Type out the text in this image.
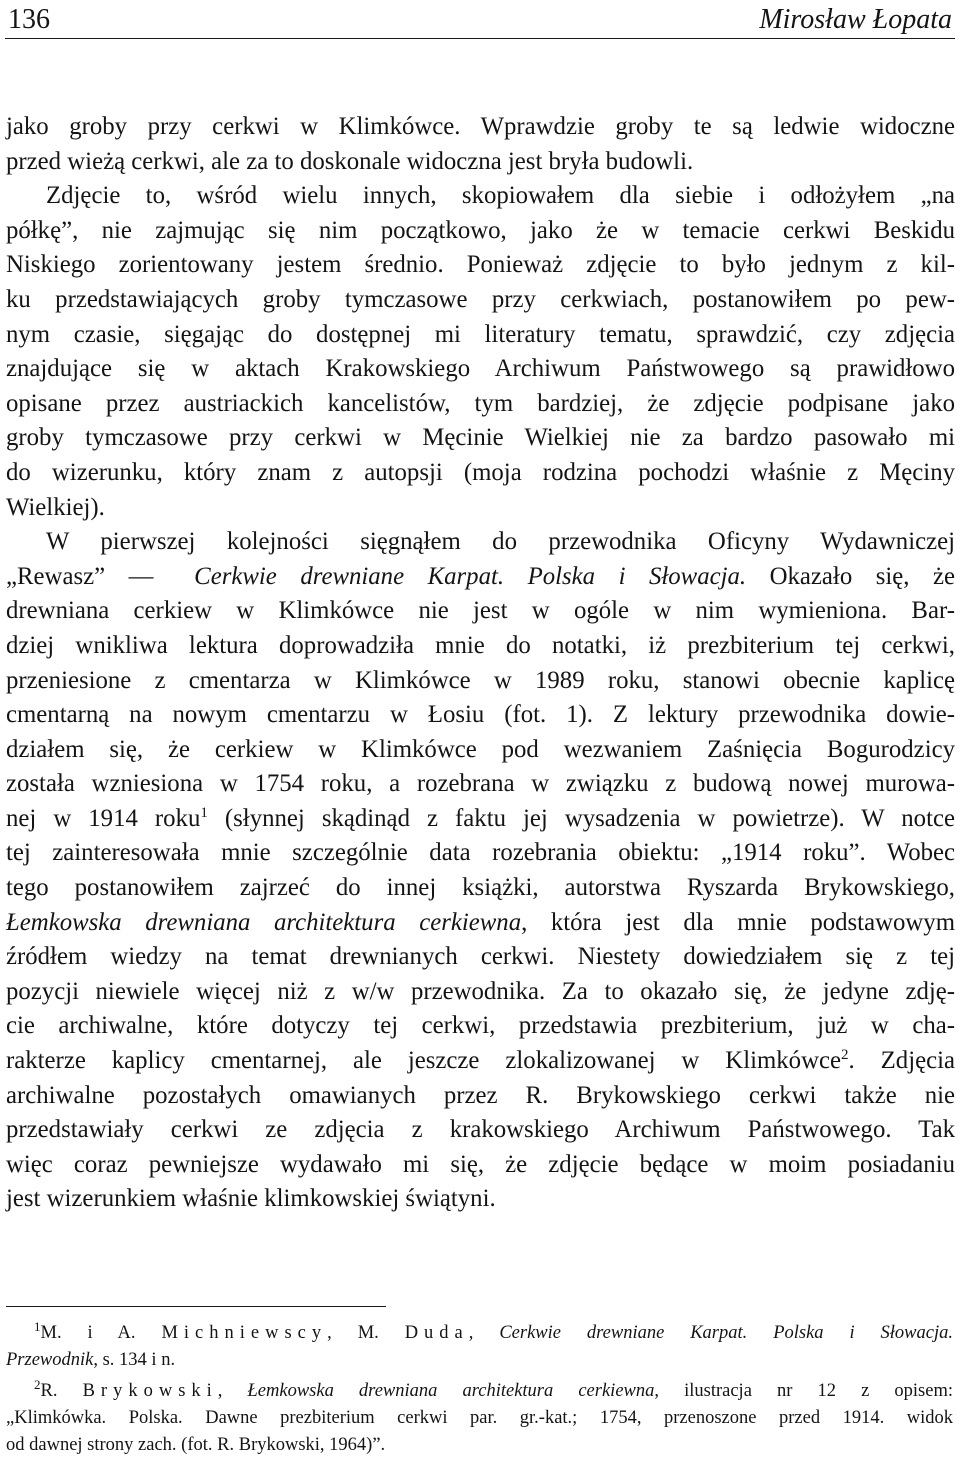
136	Mirosław Łopata

jako groby przy cerkwi w Klimkówce. Wprawdzie groby te są ledwie widoczne
przed wieżą cerkwi, ale za to doskonale widoczna jest bryła budowli.

Zdjęcie to, wśród wielu innych, skopiowałem dla siebie i odłożyłem „na
półkę”, nie zajmując się nim początkowo, jako że w temacie cerkwi Beskidu
Niskiego zorientowany jestem średnio. Ponieważ zdjęcie to było jednym z kil-
ku przedstawiających groby tymczasowe przy cerkwiach, postanowiłem po pew-
nym czasie, sięgając do dostępnej mi literatury tematu, sprawdzić, czy zdjęcia
znajdujące się w aktach Krakowskiego Archiwum Państwowego są prawidłowo
opisane przez austriackich kancelistów, tym bardziej, że zdjęcie podpisane jako
groby tymczasowe przy cerkwi w Męcinie Wielkiej nie za bardzo pasowało mi
do wizerunku, który znam z autopsji (moja rodzina pochodzi właśnie z Męciny
Wielkiej).

W pierwszej kolejności sięgnąłem do przewodnika Oficyny Wydawniczej
„Rewasz” — Cerkwie drewniane Karpat. Polska i Słowacja. Okazało się, że
drewniana cerkiew w Klimkówce nie jest w ogóle w nim wymieniona. Bar-
dziej wnikliwa lektura doprowadziła mnie do notatki, iż prezbiterium tej cerkwi,
przeniesione z cmentarza w Klimkówce w 1989 roku, stanowi obecnie kaplicę
cmentarną na nowym cmentarzu w Łosiu (fot. 1). Z lektury przewodnika dowie-
działem się, że cerkiew w Klimkówce pod wezwaniem Zaśnięcia Bogurodzicy
została wzniesiona w 1754 roku, a rozebrana w związku z budową nowej murowa-
nej w 1914 roku$^1$ (słynnej skądinąd z faktu jej wysadzenia w powietrze). W notce
tej zainteresowała mnie szczególnie data rozebrania obiektu: „1914 roku”. Wobec
tego postanowiłem zajrzeć do innej książki, autorstwa Ryszarda Brykowskiego,
Łemkowska drewniana architektura cerkiewna, która jest dla mnie podstawowym
źródłem wiedzy na temat drewnianych cerkwi. Niestety dowiedziałem się z tej
pozycji niewiele więcej niż z w/w przewodnika. Za to okazało się, że jedyne zdję-
cie archiwalne, które dotyczy tej cerkwi, przedstawia prezbiterium, już w cha-
rakterze kaplicy cmentarnej, ale jeszcze zlokalizowanej w Klimkówce$^2$. Zdjęcia
archiwalne pozostałych omawianych przez R. Brykowskiego cerkwi także nie
przedstawiały cerkwi ze zdjęcia z krakowskiego Archiwum Państwowego. Tak
więc coraz pewniejsze wydawało mi się, że zdjęcie będące w moim posiadaniu
jest wizerunkiem właśnie klimkowskiej świątyni.

$^1$M. i A. Michniewscy, M. Duda, Cerkwie drewniane Karpat. Polska i Słowacja.
Przewodnik, s. 134 i n.
$^2$R. Brykowski, Łemkowska drewniana architektura cerkiewna, ilustracja nr 12 z opisem:
„Klimkówka. Polska. Dawne prezbiterium cerkwi par. gr.-kat.; 1754, przenoszone przed 1914. widok
od dawnej strony zach. (fot. R. Brykowski, 1964)”.
